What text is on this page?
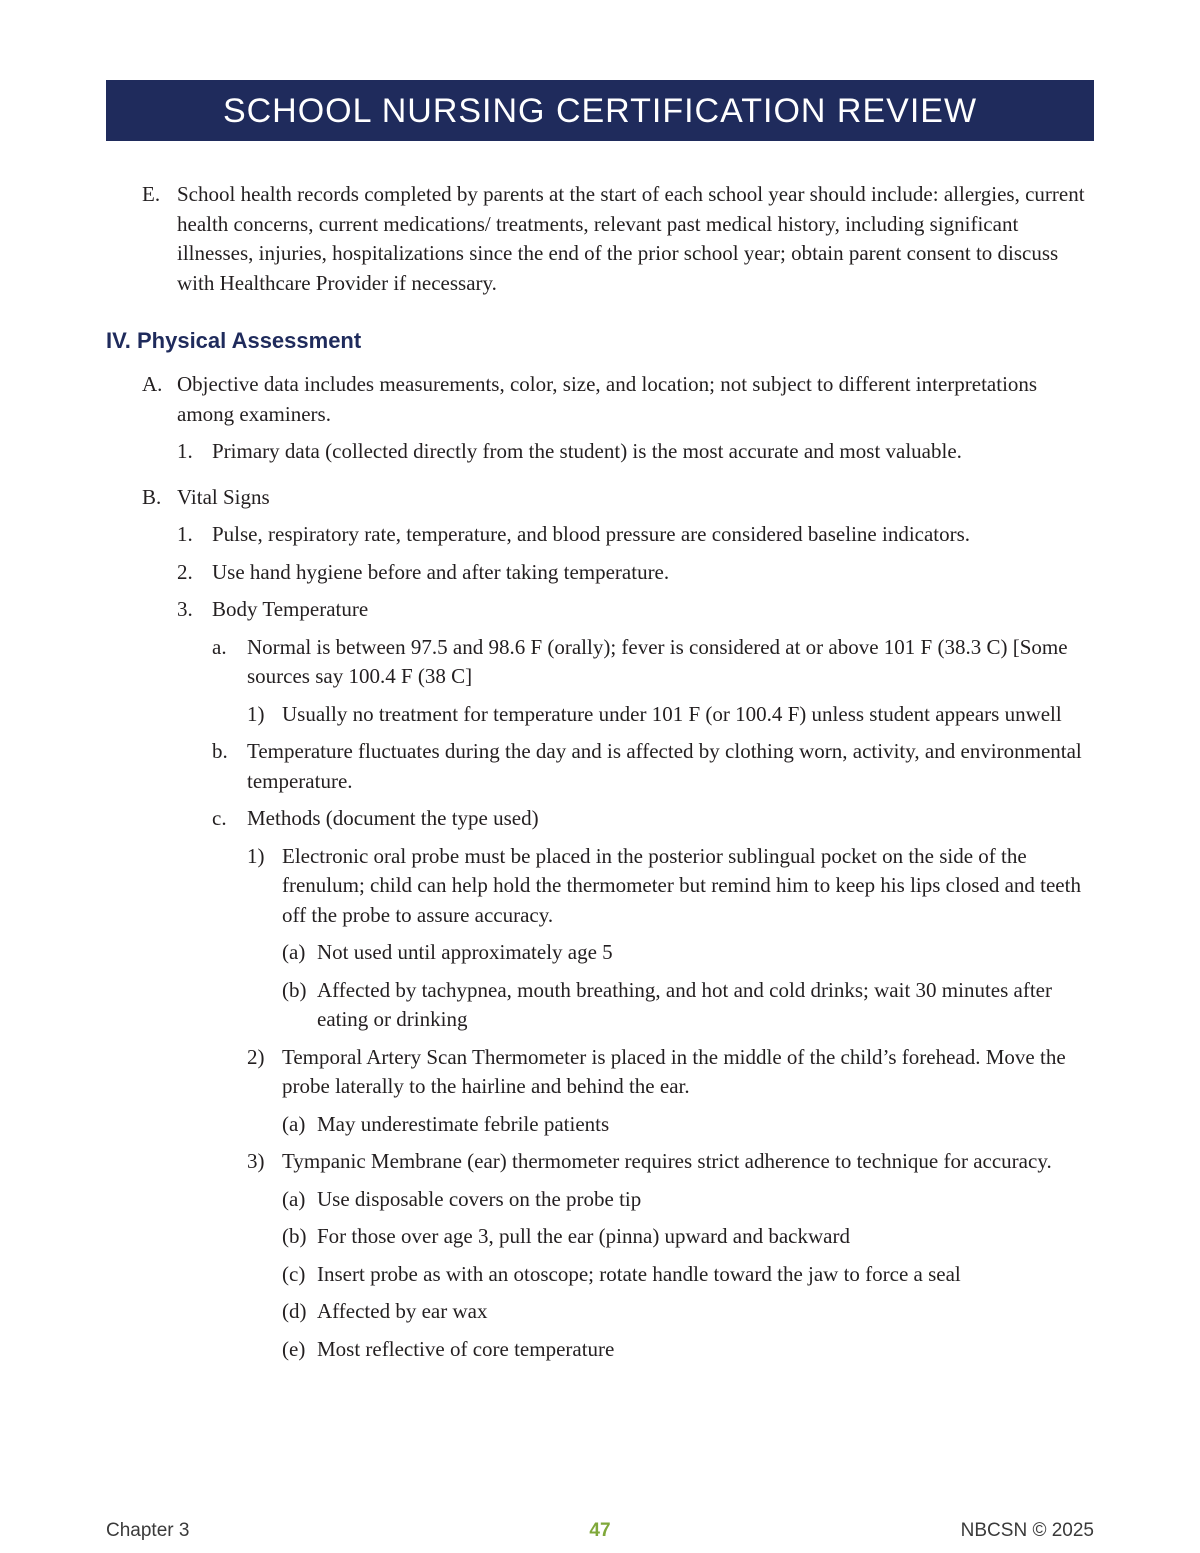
SCHOOL NURSING CERTIFICATION REVIEW
E. School health records completed by parents at the start of each school year should include: allergies, current health concerns, current medications/ treatments, relevant past medical history, including significant illnesses, injuries, hospitalizations since the end of the prior school year; obtain parent consent to discuss with Healthcare Provider if necessary.
IV. Physical Assessment
A. Objective data includes measurements, color, size, and location; not subject to different interpretations among examiners.
1. Primary data (collected directly from the student) is the most accurate and most valuable.
B. Vital Signs
1. Pulse, respiratory rate, temperature, and blood pressure are considered baseline indicators.
2. Use hand hygiene before and after taking temperature.
3. Body Temperature
a. Normal is between 97.5 and 98.6 F (orally); fever is considered at or above 101 F (38.3 C) [Some sources say 100.4 F (38 C]
1) Usually no treatment for temperature under 101 F (or 100.4 F) unless student appears unwell
b. Temperature fluctuates during the day and is affected by clothing worn, activity, and environmental temperature.
c. Methods (document the type used)
1) Electronic oral probe must be placed in the posterior sublingual pocket on the side of the frenulum; child can help hold the thermometer but remind him to keep his lips closed and teeth off the probe to assure accuracy.
(a) Not used until approximately age 5
(b) Affected by tachypnea, mouth breathing, and hot and cold drinks; wait 30 minutes after eating or drinking
2) Temporal Artery Scan Thermometer is placed in the middle of the child’s forehead. Move the probe laterally to the hairline and behind the ear.
(a) May underestimate febrile patients
3) Tympanic Membrane (ear) thermometer requires strict adherence to technique for accuracy.
(a) Use disposable covers on the probe tip
(b) For those over age 3, pull the ear (pinna) upward and backward
(c) Insert probe as with an otoscope; rotate handle toward the jaw to force a seal
(d) Affected by ear wax
(e) Most reflective of core temperature
Chapter 3	47	NBCSN © 2025
